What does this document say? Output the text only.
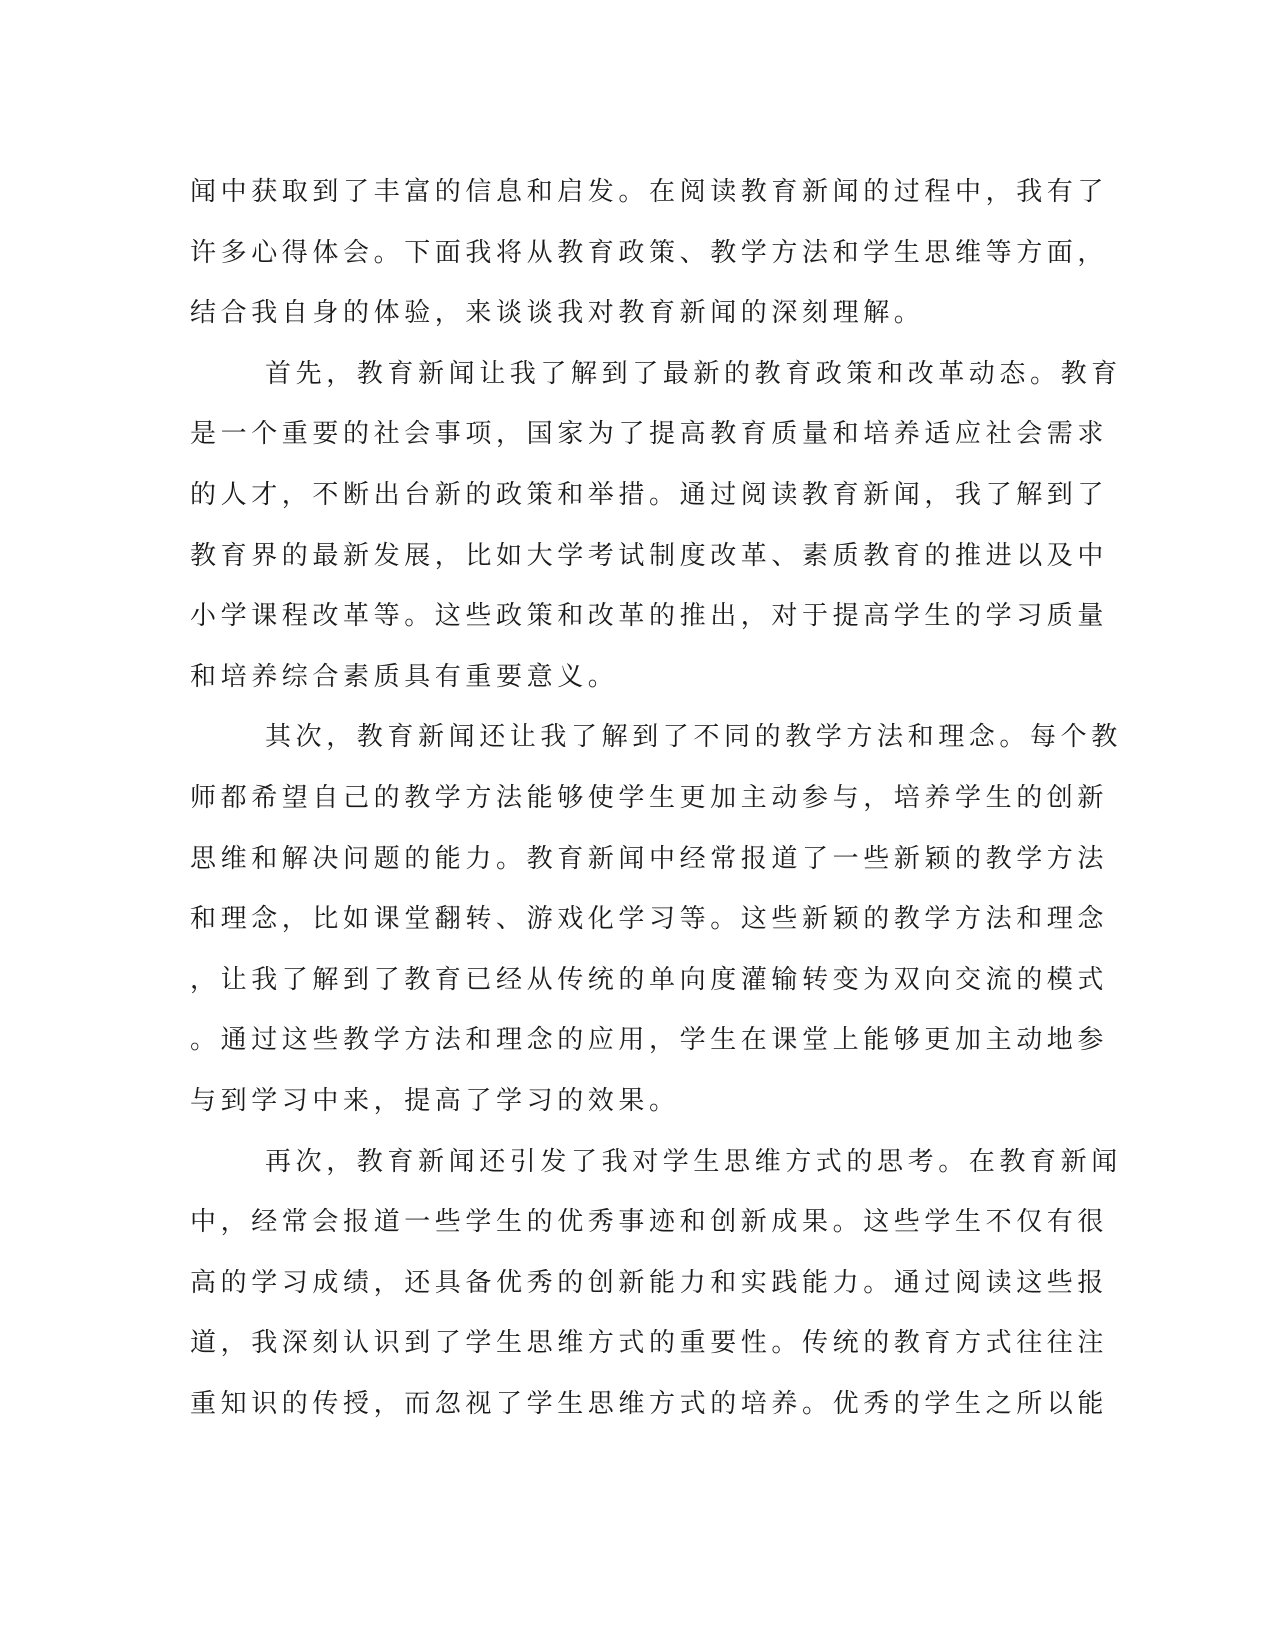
闻中获取到了丰富的信息和启发。在阅读教育新闻的过程中，我有了
许多心得体会。下面我将从教育政策、教学方法和学生思维等方面，
结合我自身的体验，来谈谈我对教育新闻的深刻理解。
首先，教育新闻让我了解到了最新的教育政策和改革动态。教育
是一个重要的社会事项，国家为了提高教育质量和培养适应社会需求
的人才，不断出台新的政策和举措。通过阅读教育新闻，我了解到了
教育界的最新发展，比如大学考试制度改革、素质教育的推进以及中
小学课程改革等。这些政策和改革的推出，对于提高学生的学习质量
和培养综合素质具有重要意义。
其次，教育新闻还让我了解到了不同的教学方法和理念。每个教
师都希望自己的教学方法能够使学生更加主动参与，培养学生的创新
思维和解决问题的能力。教育新闻中经常报道了一些新颖的教学方法
和理念，比如课堂翻转、游戏化学习等。这些新颖的教学方法和理念
，让我了解到了教育已经从传统的单向度灌输转变为双向交流的模式
。通过这些教学方法和理念的应用，学生在课堂上能够更加主动地参
与到学习中来，提高了学习的效果。
再次，教育新闻还引发了我对学生思维方式的思考。在教育新闻
中，经常会报道一些学生的优秀事迹和创新成果。这些学生不仅有很
高的学习成绩，还具备优秀的创新能力和实践能力。通过阅读这些报
道，我深刻认识到了学生思维方式的重要性。传统的教育方式往往注
重知识的传授，而忽视了学生思维方式的培养。优秀的学生之所以能
